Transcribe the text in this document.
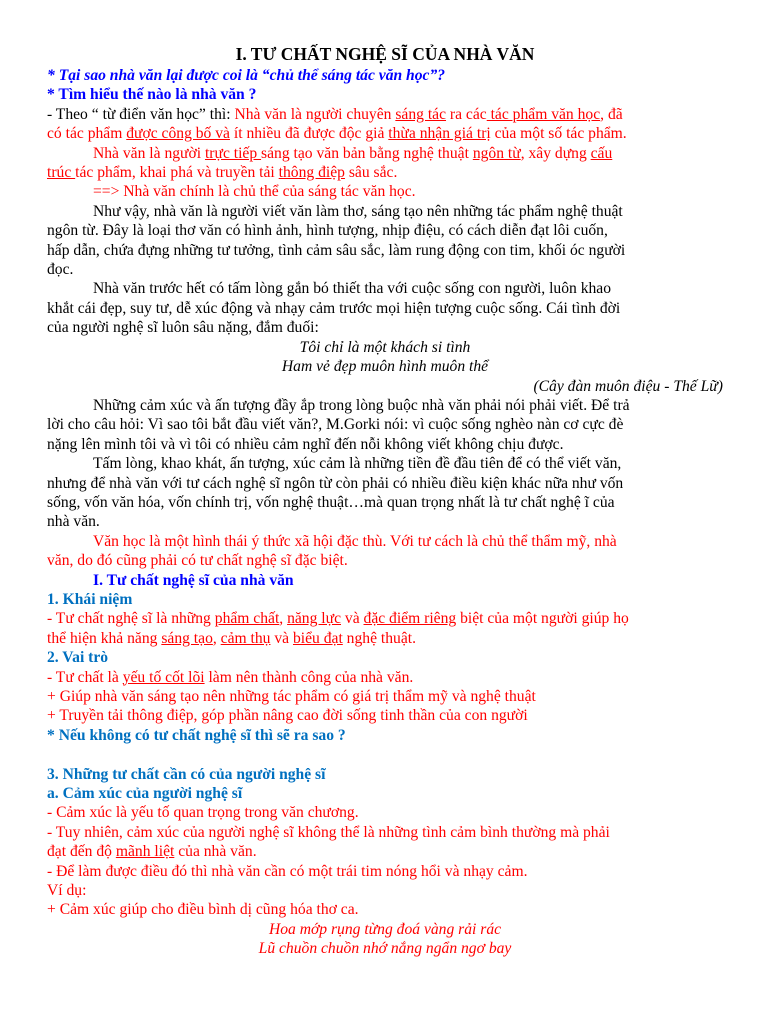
I. TƯ CHẤT NGHỆ SĨ CỦA NHÀ VĂN
* Tại sao nhà văn lại được coi là “chủ thể sáng tác văn học”?
* Tìm hiểu thế nào là nhà văn ?
- Theo “ từ điển văn học” thì: Nhà văn là người chuyên sáng tác ra các tác phẩm văn học, đã
có tác phẩm được công bố và ít nhiều đã được độc giả thừa nhận giá trị của một số tác phẩm.
Nhà văn là người trực tiếp sáng tạo văn bản bằng nghệ thuật ngôn từ, xây dựng cấu
trúc tác phẩm, khai phá và truyền tải thông điệp sâu sắc.
==> Nhà văn chính là chủ thể của sáng tác văn học.
Như vậy, nhà văn là người viết văn làm thơ, sáng tạo nên những tác phẩm nghệ thuật
ngôn từ. Đây là loại thơ văn có hình ảnh, hình tượng, nhịp điệu, có cách diễn đạt lôi cuốn,
hấp dẫn, chứa đựng những tư tưởng, tình cảm sâu sắc, làm rung động con tim, khối óc người
đọc.
Nhà văn trước hết có tấm lòng gắn bó thiết tha với cuộc sống con người, luôn khao
khắt cái đẹp, suy tư, dễ xúc động và nhạy cảm trước mọi hiện tượng cuộc sống. Cái tình đời
của người nghệ sĩ luôn sâu nặng, đắm đuối:
Tôi chỉ là một khách si tình
Ham vẻ đẹp muôn hình muôn thể
(Cây đàn muôn điệu - Thế Lữ)
Những cảm xúc và ấn tượng đầy ắp trong lòng buộc nhà văn phải nói phải viết. Để trả
lời cho câu hỏi: Vì sao tôi bắt đầu viết văn?, M.Gorki nói: vì cuộc sống nghèo nàn cơ cực đè
nặng lên mình tôi và vì tôi có nhiều cảm nghĩ đến nỗi không viết không chịu được.
Tấm lòng, khao khát, ấn tượng, xúc cảm là những tiền đề đầu tiên để có thể viết văn,
nhưng để nhà văn với tư cách nghệ sĩ ngôn từ còn phải có nhiều điều kiện khác nữa như vốn
sống, vốn văn hóa, vốn chính trị, vốn nghệ thuật…mà quan trọng nhất là tư chất nghệ ĩ của
nhà văn.
Văn học là một hình thái ý thức xã hội đặc thù. Với tư cách là chủ thể thẩm mỹ, nhà
văn, do đó cũng phải có tư chất nghệ sĩ đặc biệt.
I. Tư chất nghệ sĩ của nhà văn
1. Khái niệm
- Tư chất nghệ sĩ là những phẩm chất, năng lực và đặc điểm riêng biệt của một người giúp họ
thể hiện khả năng sáng tạo, cảm thụ và biểu đạt nghệ thuật.
2. Vai trò
- Tư chất là yếu tố cốt lõi làm nên thành công của nhà văn.
+ Giúp nhà văn sáng tạo nên những tác phẩm có giá trị thẩm mỹ và nghệ thuật
+ Truyền tải thông điệp, góp phần nâng cao đời sống tinh thần của con người
* Nếu không có tư chất nghệ sĩ thì sẽ ra sao ?
3. Những tư chất cần có của người nghệ sĩ
a. Cảm xúc của người nghệ sĩ
- Cảm xúc là yếu tố quan trọng trong văn chương.
- Tuy nhiên, cảm xúc của người nghệ sĩ không thể là những tình cảm bình thường mà phải
đạt đến độ mãnh liệt của nhà văn.
- Để làm được điều đó thì nhà văn cần có một trái tim nóng hổi và nhạy cảm.
Ví dụ:
+ Cảm xúc giúp cho điều bình dị cũng hóa thơ ca.
Hoa mớp rụng từng đoá vàng rải rác
Lũ chuồn chuồn nhớ nắng ngẩn ngơ bay
